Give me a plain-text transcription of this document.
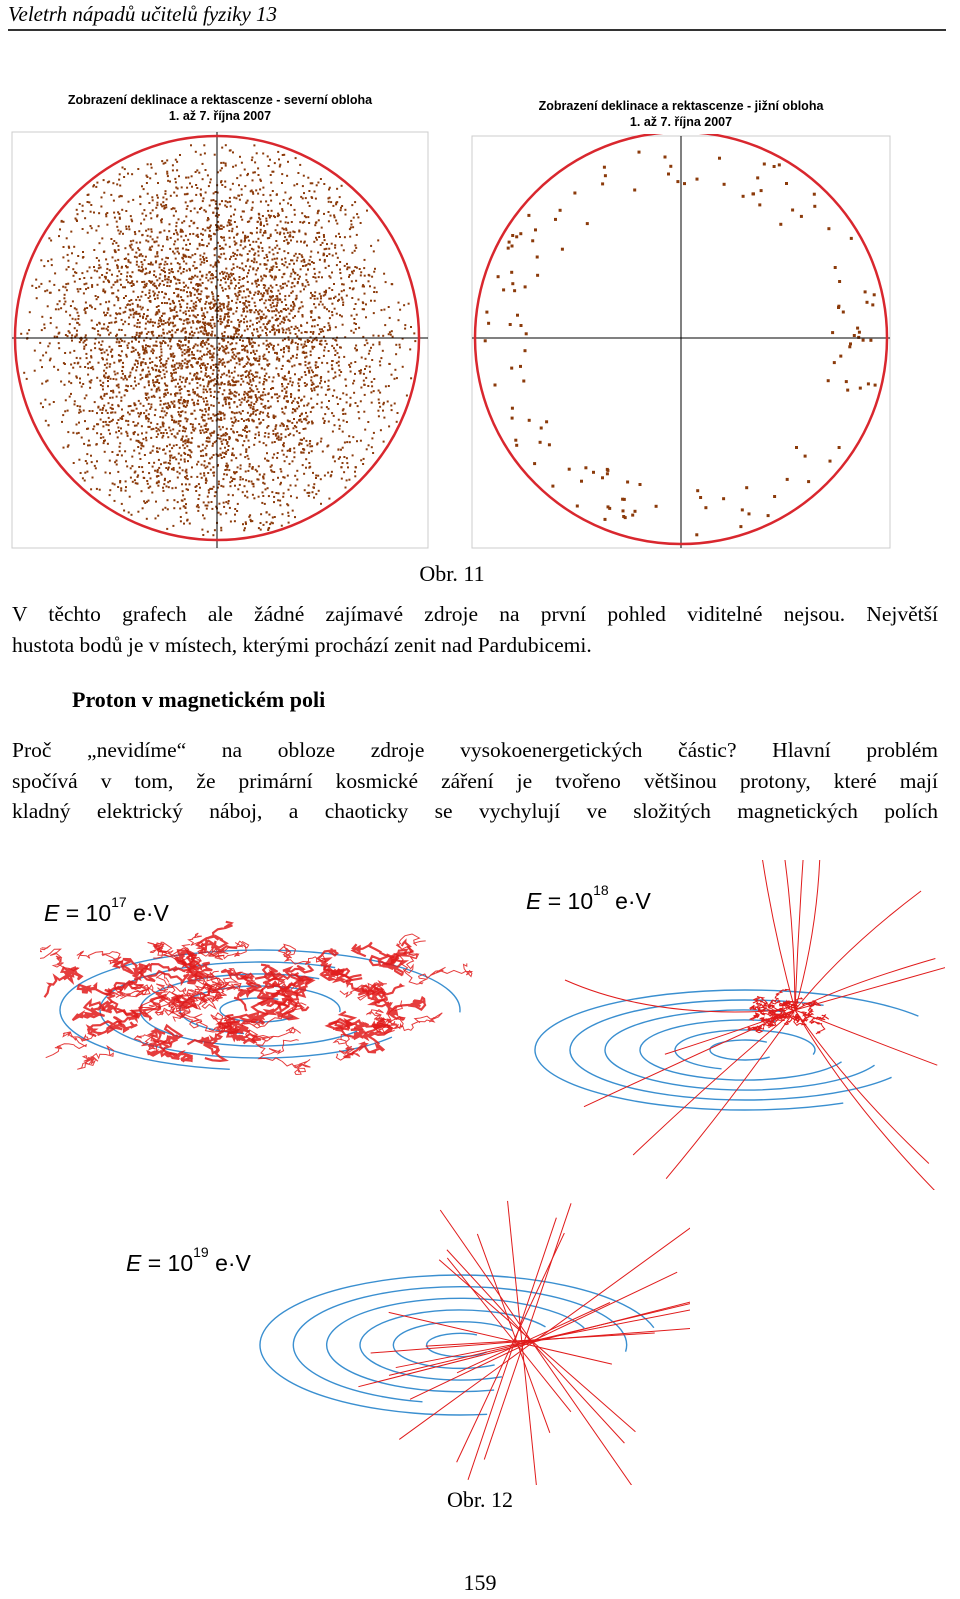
Veletrh nápadů učitelů fyziky 13
Zobrazení deklinace a rektascenze - severní obloha
1. až 7. října 2007
Zobrazení deklinace a rektascenze - jižní obloha
1. až 7. října 2007
Obr. 11
V těchto grafech ale žádné zajímavé zdroje na první pohled viditelné nejsou. Největší
hustota bodů je v místech, kterými prochází zenit nad Pardubicemi.
Proton v magnetickém poli
Proč „nevidíme“ na obloze zdroje vysokoenergetických částic? Hlavní problém
spočívá v tom, že primární kosmické záření je tvořeno většinou protony, které mají
kladný elektrický náboj, a chaoticky se vychylují ve složitých magnetických polích
$E = 10^{17}$ e·V	$E = 10^{18}$ e·V
$E = 10^{19}$ e·V
Obr. 12
159
